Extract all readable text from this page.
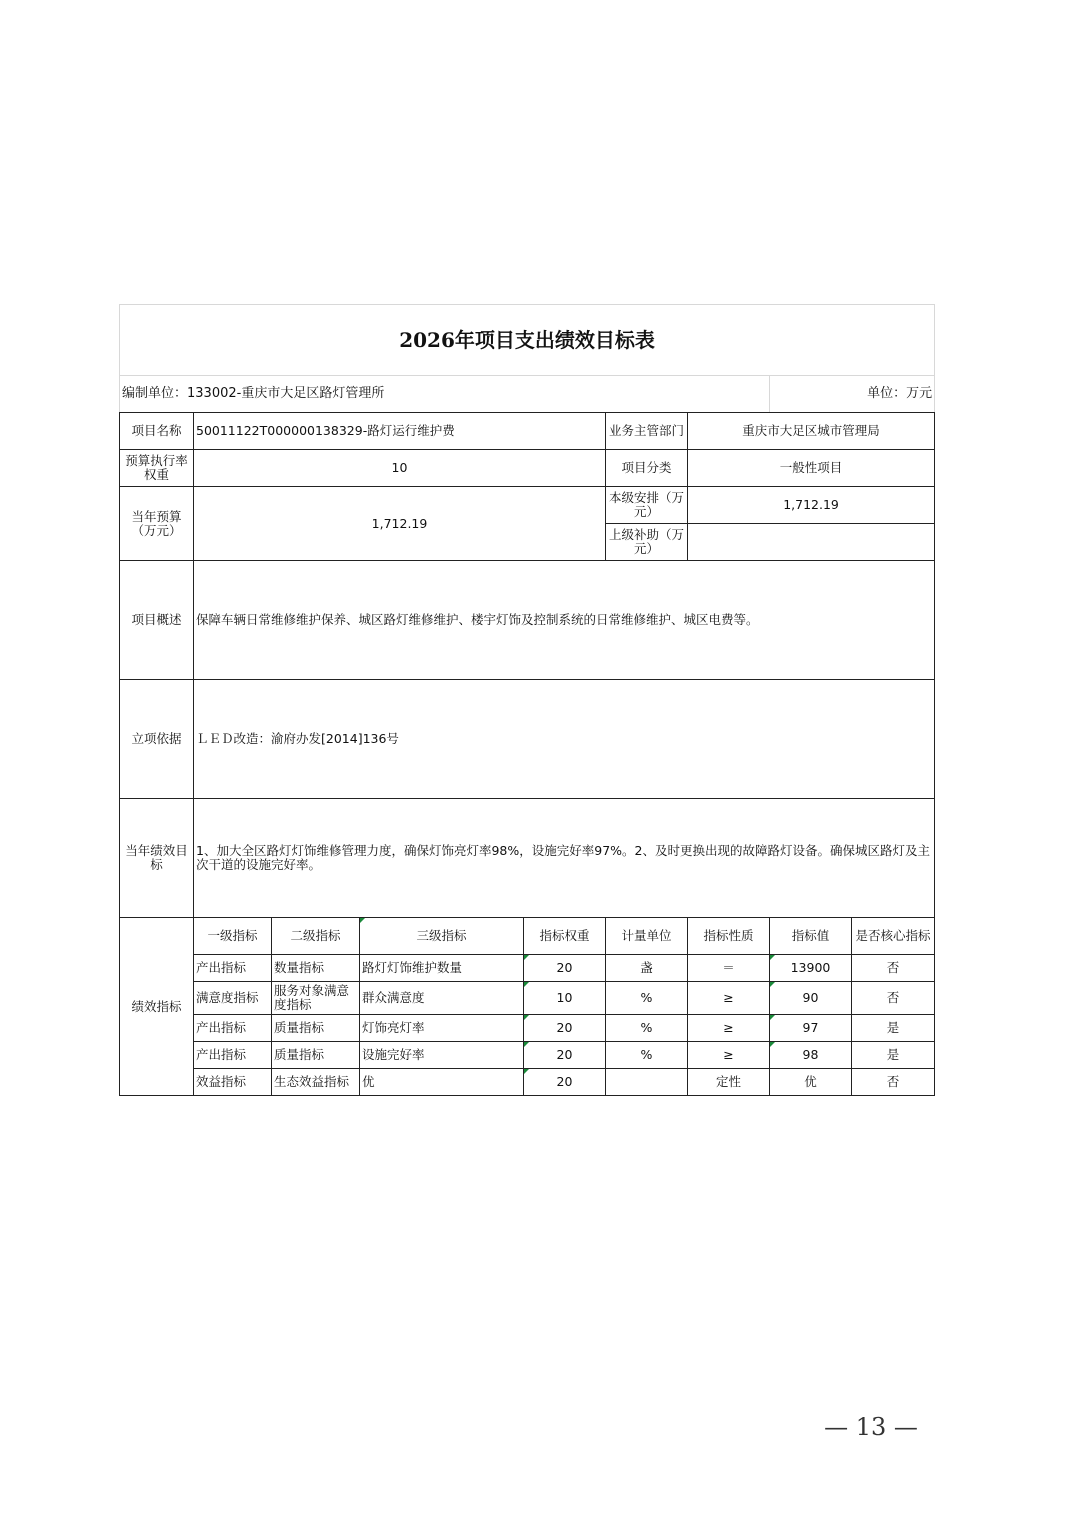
2026年项目支出绩效目标表								
编制单位：133002-重庆市大足区路灯管理所							单位：万元	
项目名称	50011122T000000138329-路灯运行维护费				业务主管部门	重庆市大足区城市管理局		
预算执行率权重	10				项目分类	一般性项目		
当年预算（万元）	1,712.19				本级安排（万元）	1,712.19		
					上级补助（万元）			
项目概述	保障车辆日常维修维护保养、城区路灯维修维护、楼宇灯饰及控制系统的日常维修维护、城区电费等。							
立项依据	ＬＥＤ改造：渝府办发[2014]136号							
当年绩效目标	1、加大全区路灯灯饰维修管理力度，确保灯饰亮灯率98%，设施完好率97%。2、及时更换出现的故障路灯设备。确保城区路灯及主次干道的设施完好率。							
绩效指标	一级指标	二级指标	三级指标	指标权重	计量单位	指标性质	指标值	是否核心指标
	产出指标	数量指标	路灯灯饰维护数量	20	盏	＝	13900	否
	满意度指标	服务对象满意度指标	群众满意度	10	%	≥	90	否
	产出指标	质量指标	灯饰亮灯率	20	%	≥	97	是
	产出指标	质量指标	设施完好率	20	%	≥	98	是
	效益指标	生态效益指标	优	20		定性	优	否
— 13 —
